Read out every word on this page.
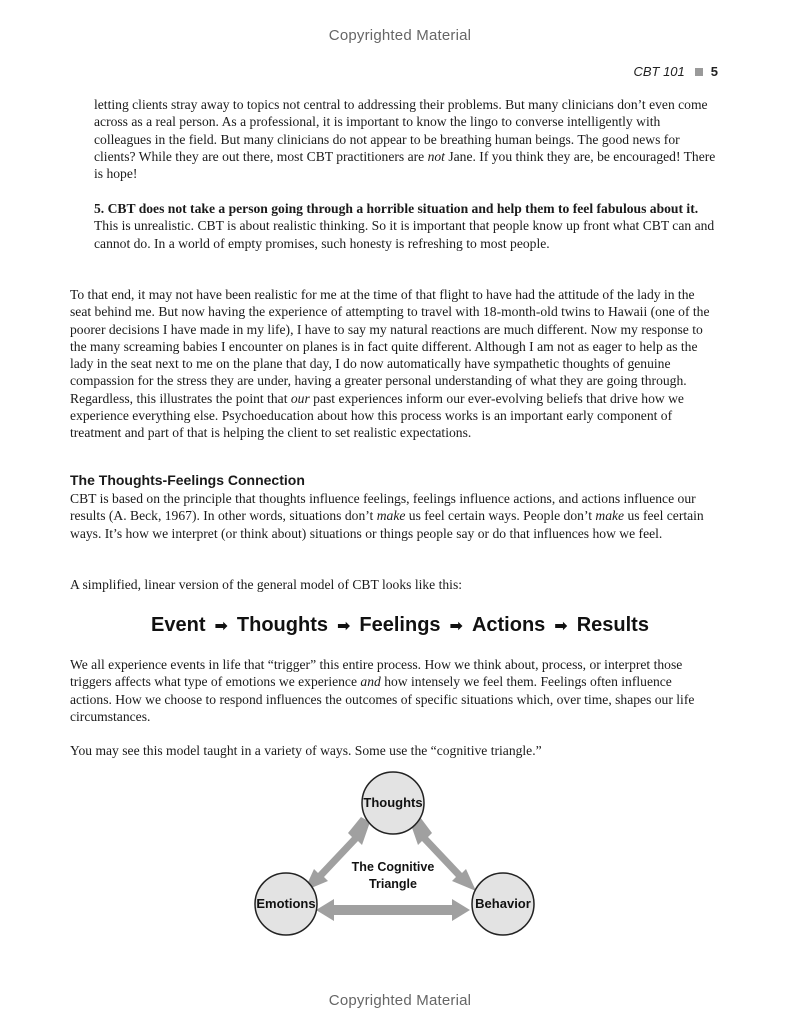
Copyrighted Material
CBT 101 5

letting clients stray away to topics not central to addressing their problems. But many clinicians don’t even come across as a real person. As a professional, it is important to know the lingo to converse intelligently with colleagues in the field. But many clinicians do not appear to be breathing human beings. The good news for clients? While they are out there, most CBT practitioners are not Jane. If you think they are, be encouraged! There is hope!

5. CBT does not take a person going through a horrible situation and help them to feel fabulous about it. This is unrealistic. CBT is about realistic thinking. So it is important that people know up front what CBT can and cannot do. In a world of empty promises, such honesty is refreshing to most people.

To that end, it may not have been realistic for me at the time of that flight to have had the attitude of the lady in the seat behind me. But now having the experience of attempting to travel with 18-month-old twins to Hawaii (one of the poorer decisions I have made in my life), I have to say my natural reactions are much different. Now my response to the many screaming babies I encounter on planes is in fact quite different. Although I am not as eager to help as the lady in the seat next to me on the plane that day, I do now automatically have sympathetic thoughts of genuine compassion for the stress they are under, having a greater personal understanding of what they are going through. Regardless, this illustrates the point that our past experiences inform our ever-evolving beliefs that drive how we experience everything else. Psychoeducation about how this process works is an important early component of treatment and part of that is helping the client to set realistic expectations.

The Thoughts-Feelings Connection

CBT is based on the principle that thoughts influence feelings, feelings influence actions, and actions influence our results (A. Beck, 1967). In other words, situations don’t make us feel certain ways. People don’t make us feel certain ways. It’s how we interpret (or think about) situations or things people say or do that influences how we feel.

A simplified, linear version of the general model of CBT looks like this:

Event ➡ Thoughts ➡ Feelings ➡ Actions ➡ Results

We all experience events in life that “trigger” this entire process. How we think about, process, or interpret those triggers affects what type of emotions we experience and how intensely we feel them. Feelings often influence actions. How we choose to respond influences the outcomes of specific situations which, over time, shapes our life circumstances.

You may see this model taught in a variety of ways. Some use the “cognitive triangle.”

Thoughts
Emotions	Behavior
The Cognitive
Triangle
Copyrighted Material
